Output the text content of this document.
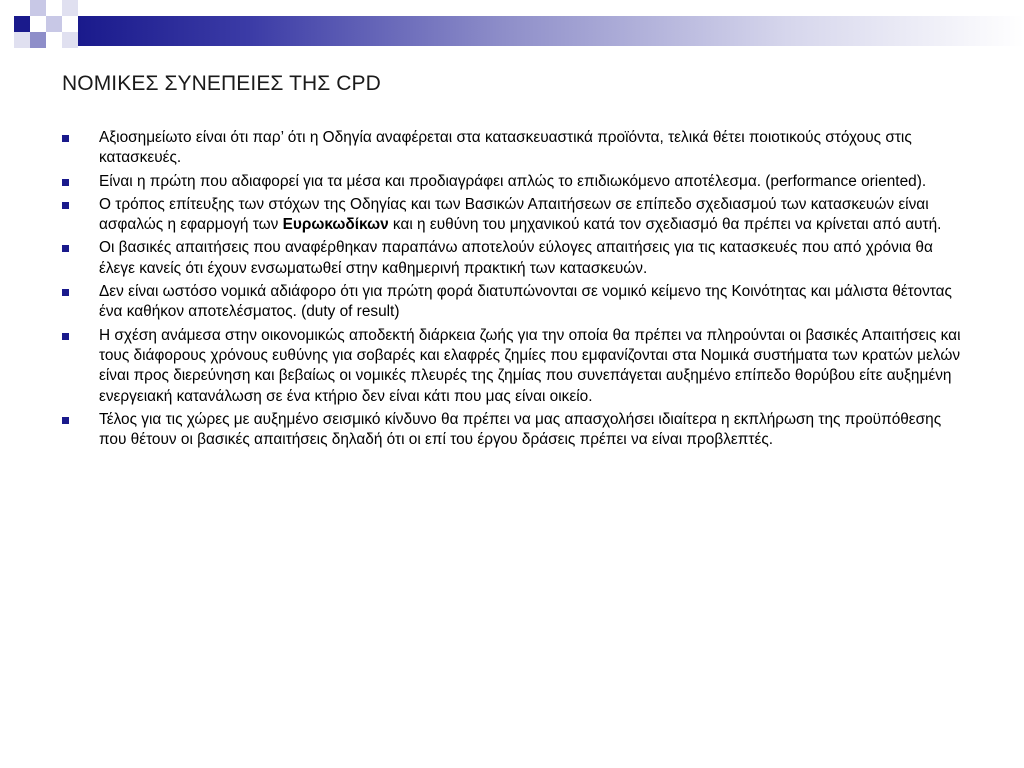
ΝΟΜΙΚΕΣ ΣΥΝΕΠΕΙΕΣ ΤΗΣ CPD
Αξιοσημείωτο είναι ότι παρ’ ότι η Οδηγία αναφέρεται στα κατασκευαστικά προϊόντα, τελικά θέτει ποιοτικούς στόχους στις κατασκευές.
Είναι η πρώτη που αδιαφορεί για τα μέσα και προδιαγράφει απλώς το επιδιωκόμενο αποτέλεσμα. (performance oriented).
Ο τρόπος επίτευξης των στόχων της Οδηγίας και των Βασικών Απαιτήσεων σε επίπεδο σχεδιασμού των κατασκευών είναι ασφαλώς η εφαρμογή των Ευρωκωδίκων και η ευθύνη του μηχανικού κατά τον σχεδιασμό θα πρέπει να κρίνεται από αυτή.
Οι βασικές απαιτήσεις που αναφέρθηκαν παραπάνω αποτελούν εύλογες απαιτήσεις για τις κατασκευές που από χρόνια θα έλεγε κανείς ότι έχουν ενσωματωθεί στην καθημερινή πρακτική των κατασκευών.
Δεν είναι ωστόσο νομικά αδιάφορο ότι για πρώτη φορά διατυπώνονται σε νομικό κείμενο της Κοινότητας και μάλιστα θέτοντας ένα καθήκον αποτελέσματος. (duty of result)
Η σχέση ανάμεσα στην οικονομικώς αποδεκτή διάρκεια ζωής για την οποία θα πρέπει να πληρούνται οι βασικές Απαιτήσεις και τους διάφορους χρόνους ευθύνης για σοβαρές και ελαφρές ζημίες που εμφανίζονται στα Νομικά συστήματα των κρατών μελών είναι προς διερεύνηση και βεβαίως οι νομικές πλευρές της ζημίας που συνεπάγεται αυξημένο επίπεδο θορύβου είτε αυξημένη ενεργειακή κατανάλωση σε ένα κτήριο δεν είναι κάτι που μας είναι οικείο.
Τέλος για τις χώρες με αυξημένο σεισμικό κίνδυνο θα πρέπει να μας απασχολήσει ιδιαίτερα η εκπλήρωση της προϋπόθεσης που θέτουν οι βασικές απαιτήσεις δηλαδή ότι οι επί του έργου δράσεις πρέπει να είναι προβλεπτές.
